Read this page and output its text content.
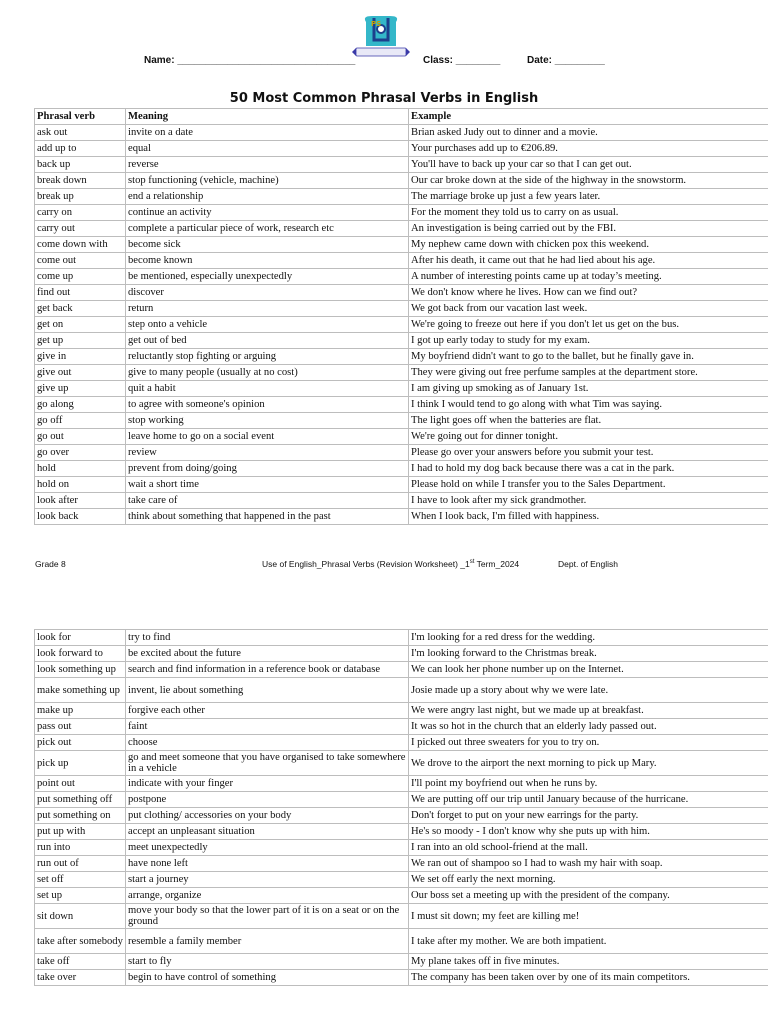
PS
Name: ________________________________	Class: ________	Date: _________
50 Most Common Phrasal Verbs in English
Phrasal verb	Meaning	Example
ask out	invite on a date	Brian asked Judy out to dinner and a movie.
add up to	equal	Your purchases add up to €206.89.
back up	reverse	You'll have to back up your car so that I can get out.
break down	stop functioning (vehicle, machine)	Our car broke down at the side of the highway in the snowstorm.
break up	end a relationship	The marriage broke up just a few years later.
carry on	continue an activity	For the moment they told us to carry on as usual.
carry out	complete a particular piece of work, research etc	An investigation is being carried out by the FBI.
come down with	become sick	My nephew came down with chicken pox this weekend.
come out	become known	After his death, it came out that he had lied about his age.
come up	be mentioned, especially unexpectedly	A number of interesting points came up at today’s meeting.
find out	discover	We don't know where he lives. How can we find out?
get back	return	We got back from our vacation last week.
get on	step onto a vehicle	We're going to freeze out here if you don't let us get on the bus.
get up	get out of bed	I got up early today to study for my exam.
give in	reluctantly stop fighting or arguing	My boyfriend didn't want to go to the ballet, but he finally gave in.
give out	give to many people (usually at no cost)	They were giving out free perfume samples at the department store.
give up	quit a habit	I am giving up smoking as of January 1st.
go along	to agree with someone's opinion	I think I would tend to go along with what Tim was saying.
go off	stop working	The light goes off when the batteries are flat.
go out	leave home to go on a social event	We're going out for dinner tonight.
go over	review	Please go over your answers before you submit your test.
hold	prevent from doing/going	I had to hold my dog back because there was a cat in the park.
hold on	wait a short time	Please hold on while I transfer you to the Sales Department.
look after	take care of	I have to look after my sick grandmother.
look back	think about something that happened in the past	When I look back, I'm filled with happiness.
Grade 8	Use of English_Phrasal Verbs (Revision Worksheet) _1st Term_2024	Dept. of English
look for	try to find	I'm looking for a red dress for the wedding.
look forward to	be excited about the future	I'm looking forward to the Christmas break.
look something up	search and find information in a reference book or database	We can look her phone number up on the Internet.
make something up	invent, lie about something	Josie made up a story about why we were late.
make up	forgive each other	We were angry last night, but we made up at breakfast.
pass out	faint	It was so hot in the church that an elderly lady passed out.
pick out	choose	I picked out three sweaters for you to try on.
pick up	go and meet someone that you have organised to take somewhere in a vehicle	We drove to the airport the next morning to pick up Mary.
point out	indicate with your finger	I'll point my boyfriend out when he runs by.
put something off	postpone	We are putting off our trip until January because of the hurricane.
put something on	put clothing/ accessories on your body	Don't forget to put on your new earrings for the party.
put up with	accept an unpleasant situation	He's so moody - I don't know why she puts up with him.
run into	meet unexpectedly	I ran into an old school-friend at the mall.
run out of	have none left	We ran out of shampoo so I had to wash my hair with soap.
set off	start a journey	We set off early the next morning.
set up	arrange, organize	Our boss set a meeting up with the president of the company.
sit down	move your body so that the lower part of it is on a seat or on the ground	I must sit down; my feet are killing me!
take after somebody	resemble a family member	I take after my mother. We are both impatient.
take off	start to fly	My plane takes off in five minutes.
take over	begin to have control of something	The company has been taken over by one of its main competitors.
